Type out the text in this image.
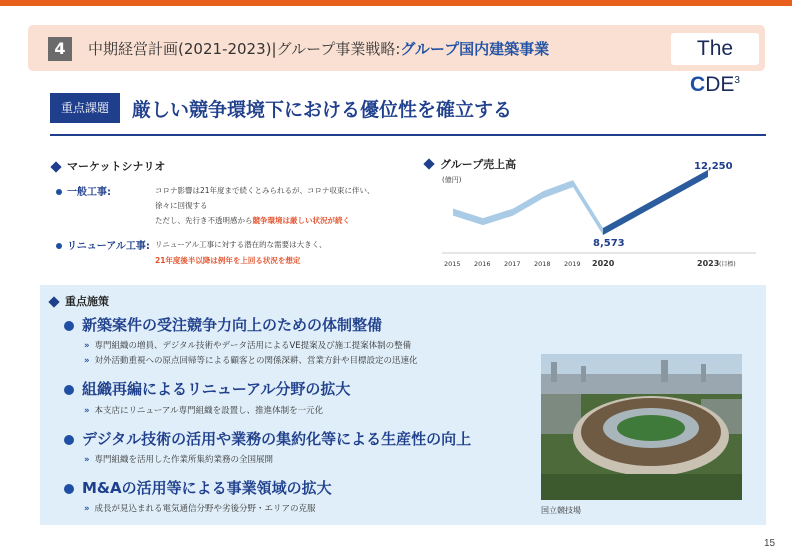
4	中期経営計画(2021-2023)|グループ事業戦略:グループ国内建築事業	The CDE$^3$
重点課題	厳しい競争環境下における優位性を確立する
マーケットシナリオ
一般工事:	コロナ影響は21年度まで続くとみられるが、コロナ収束に伴い、
徐々に回復する
ただし、先行き不透明感から競争環境は厳しい状況が続く
リニューアル工事: リニューアル工事に対する潜在的な需要は大きく、
21年度後半以降は例年を上回る状況を想定
グループ売上高
(億円)
8,573
12,250
2015 2016 2017 2018 2019 2020	2023 (目標)
重点施策
新築案件の受注競争力向上のための体制整備
» 専門組織の増員、デジタル技術やデータ活用によるVE提案及び施工提案体制の整備
» 対外活動重視への原点回帰等による顧客との関係深耕、営業方針や目標設定の迅速化
組織再編によるリニューアル分野の拡大
» 本支店にリニューアル専門組織を設置し、推進体制を一元化
デジタル技術の活用や業務の集約化等による生産性の向上
» 専門組織を活用した作業所集約業務の全国展開
M&Aの活用等による事業領域の拡大
» 成長が見込まれる電気通信分野や劣後分野・エリアの克服	国立競技場
15
